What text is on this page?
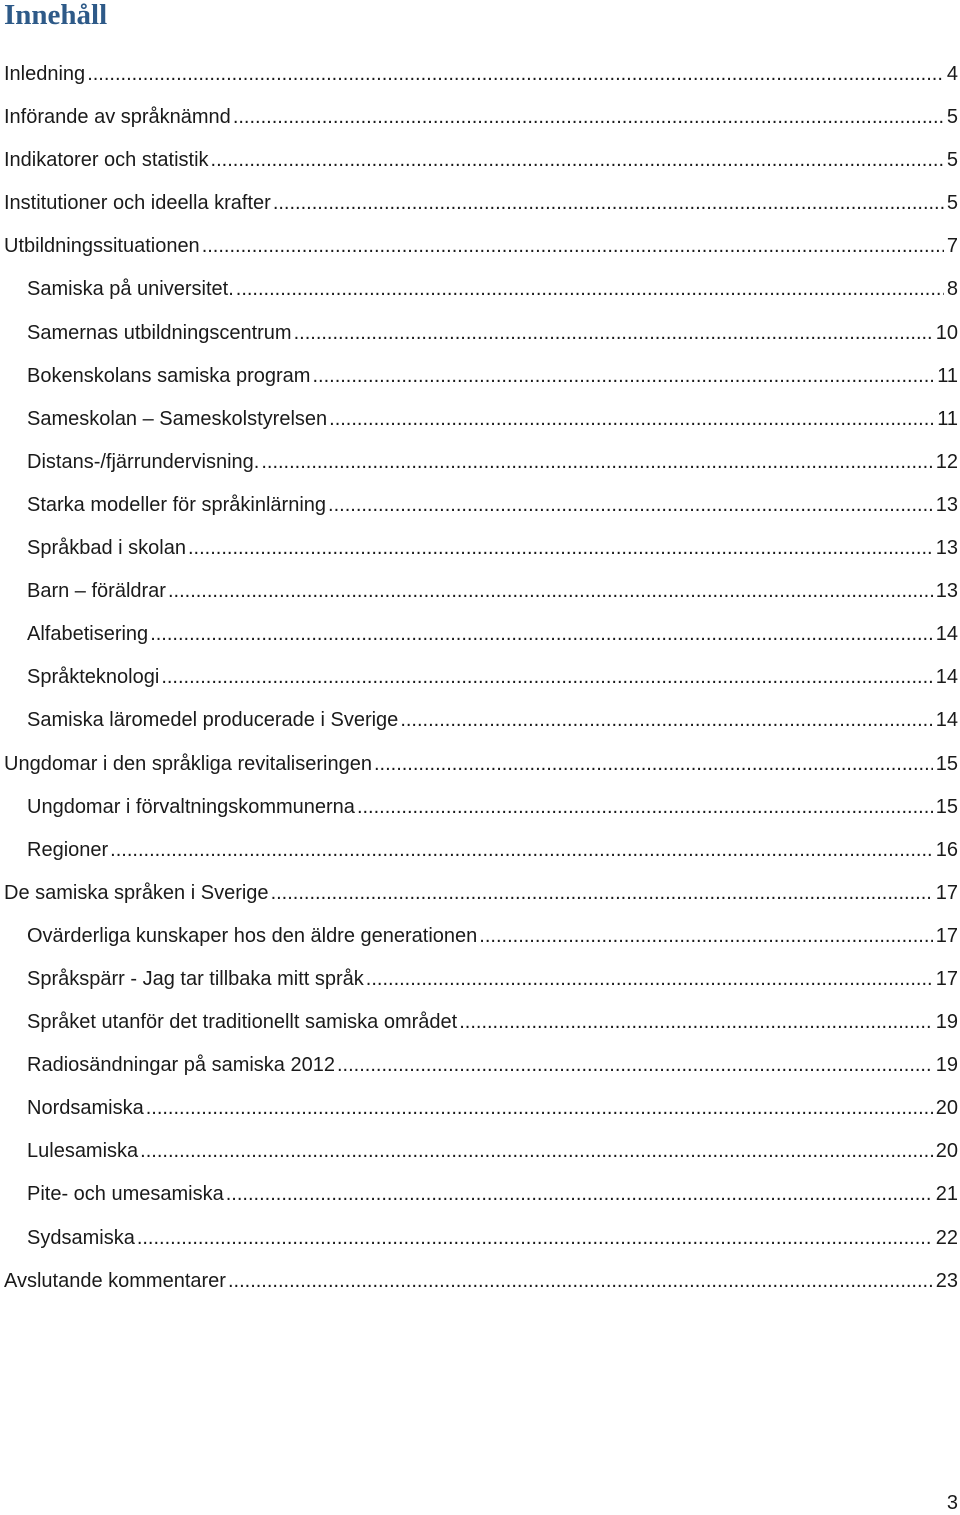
Innehåll
Inledning .....	4
Införande av språknämnd .....	5
Indikatorer och statistik .....	5
Institutioner och ideella krafter .....	5
Utbildningssituationen .....	7
Samiska på universitet. .....	8
Samernas utbildningscentrum .....	10
Bokenskolans samiska program .....	11
Sameskolan – Sameskolstyrelsen .....	11
Distans-/fjärrundervisning. .....	12
Starka modeller för språkinlärning .....	13
Språkbad i skolan .....	13
Barn – föräldrar .....	13
Alfabetisering .....	14
Språkteknologi .....	14
Samiska läromedel producerade i Sverige .....	14
Ungdomar i den språkliga revitaliseringen .....	15
Ungdomar i förvaltningskommunerna .....	15
Regioner .....	16
De samiska språken i Sverige .....	17
Ovärderliga kunskaper hos den äldre generationen .....	17
Språkspärr - Jag tar tillbaka mitt språk .....	17
Språket utanför det traditionellt samiska området .....	19
Radiosändningar på samiska 2012 .....	19
Nordsamiska .....	20
Lulesamiska .....	20
Pite- och umesamiska .....	21
Sydsamiska .....	22
Avslutande kommentarer .....	23
3
